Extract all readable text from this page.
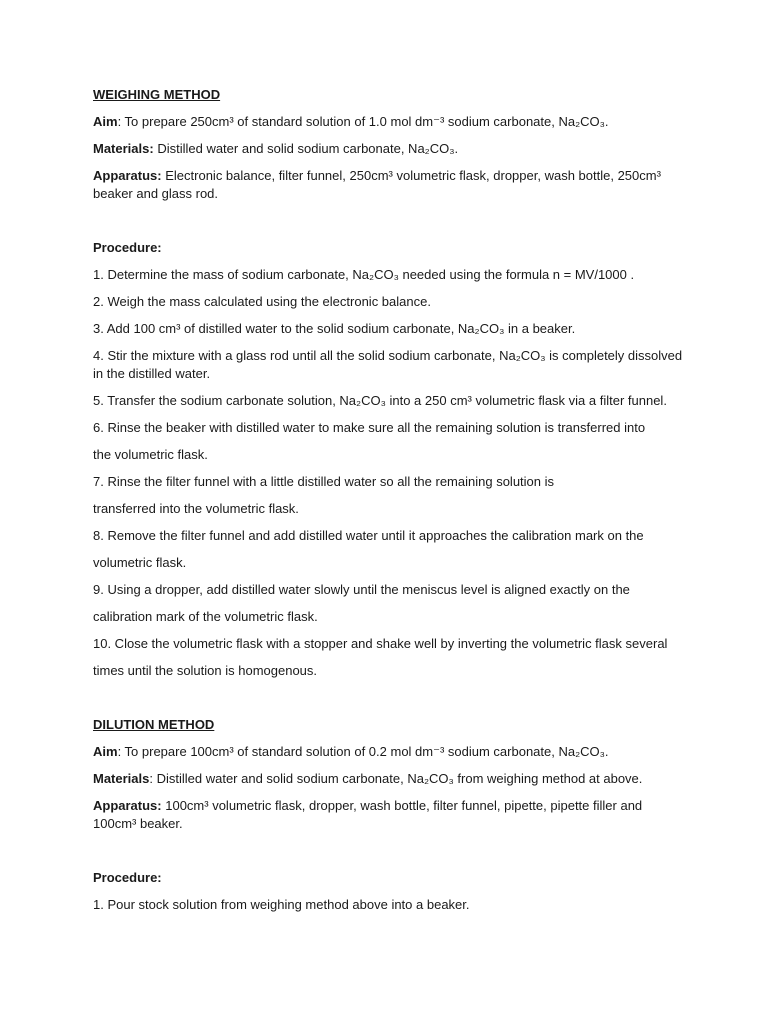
WEIGHING METHOD
Aim: To prepare 250cm³ of standard solution of 1.0 mol dm⁻³ sodium carbonate, Na₂CO₃.
Materials: Distilled water and solid sodium carbonate, Na₂CO₃.
Apparatus: Electronic balance, filter funnel, 250cm³ volumetric flask, dropper, wash bottle, 250cm³ beaker and glass rod.
Procedure:
1. Determine the mass of sodium carbonate, Na₂CO₃ needed using the formula n = MV/1000 .
2. Weigh the mass calculated using the electronic balance.
3. Add 100 cm³ of distilled water to the solid sodium carbonate, Na₂CO₃ in a beaker.
4. Stir the mixture with a glass rod until all the solid sodium carbonate, Na₂CO₃ is completely dissolved in the distilled water.
5. Transfer the sodium carbonate solution, Na₂CO₃ into a 250 cm³ volumetric flask via a filter funnel.
6. Rinse the beaker with distilled water to make sure all the remaining solution is transferred into
the volumetric flask.
7. Rinse the filter funnel with a little distilled water so all the remaining solution is
transferred into the volumetric flask.
8. Remove the filter funnel and add distilled water until it approaches the calibration mark on the
volumetric flask.
9. Using a dropper, add distilled water slowly until the meniscus level is aligned exactly on the
calibration mark of the volumetric flask.
10. Close the volumetric flask with a stopper and shake well by inverting the volumetric flask several
times until the solution is homogenous.
DILUTION METHOD
Aim: To prepare 100cm³ of standard solution of 0.2 mol dm⁻³ sodium carbonate, Na₂CO₃.
Materials: Distilled water and solid sodium carbonate, Na₂CO₃ from weighing method at above.
Apparatus: 100cm³ volumetric flask, dropper, wash bottle, filter funnel, pipette, pipette filler and 100cm³ beaker.
Procedure:
1. Pour stock solution from weighing method above into a beaker.
